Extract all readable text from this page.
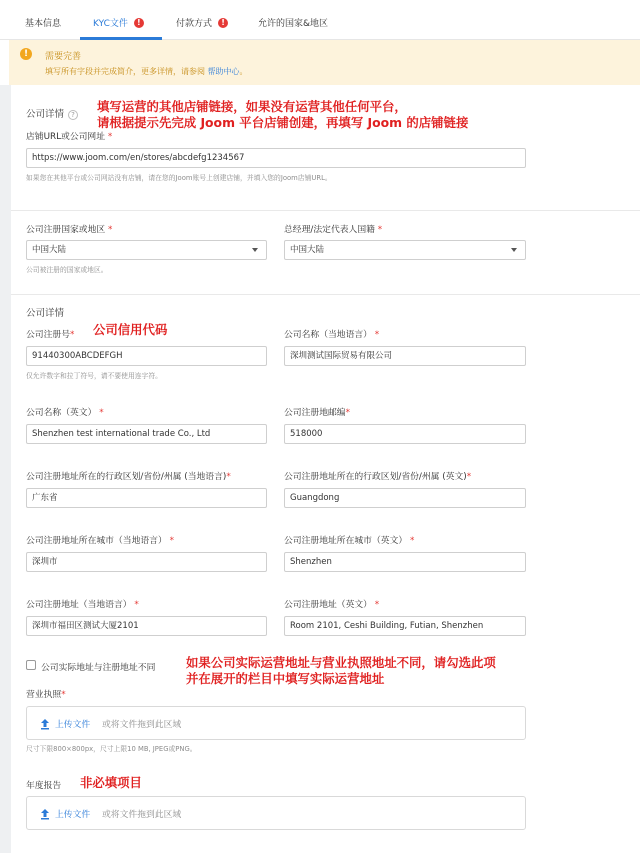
基本信息	KYC文件 !	付款方式 !	允许的国家&地区
!	需要完善
填写所有字段并完成简介，更多详情，请参阅 帮助中心。
公司详情 ?
填写运营的其他店铺链接，如果没有运营其他任何平台，
请根据提示先完成 Joom 平台店铺创建，再填写 Joom 的店铺链接
店铺URL或公司网址 *
https://www.joom.com/en/stores/abcdefg1234567
如果您在其他平台或公司网站没有店铺，请在您的Joom账号上创建店铺，并填入您的Joom店铺URL。
公司注册国家或地区 *
中国大陆
公司被注册的国家或地区。
总经理/法定代表人国籍 *
中国大陆
公司详情
公司注册号* 公司信用代码
91440300ABCDEFGH
仅允许数字和拉丁符号，请不要使用连字符。
公司名称（当地语言） *
深圳测试国际贸易有限公司
公司名称（英文） *
Shenzhen test international trade Co., Ltd
公司注册地邮编*
518000
公司注册地址所在的行政区划/省份/州属 (当地语言)*
广东省
公司注册地址所在的行政区划/省份/州属 (英文)*
Guangdong
公司注册地址所在城市（当地语言） *
深圳市
公司注册地址所在城市（英文） *
Shenzhen
公司注册地址（当地语言） *
深圳市福田区测试大厦2101
公司注册地址（英文） *
Room 2101, Ceshi Building, Futian, Shenzhen
公司实际地址与注册地址不同 如果公司实际运营地址与营业执照地址不同，请勾选此项
并在展开的栏目中填写实际运营地址
营业执照*
上传文件 或将文件拖到此区域
尺寸下限800×800px，尺寸上限10 MB, JPEG或PNG。
年度报告 非必填项目
上传文件 或将文件拖到此区域
